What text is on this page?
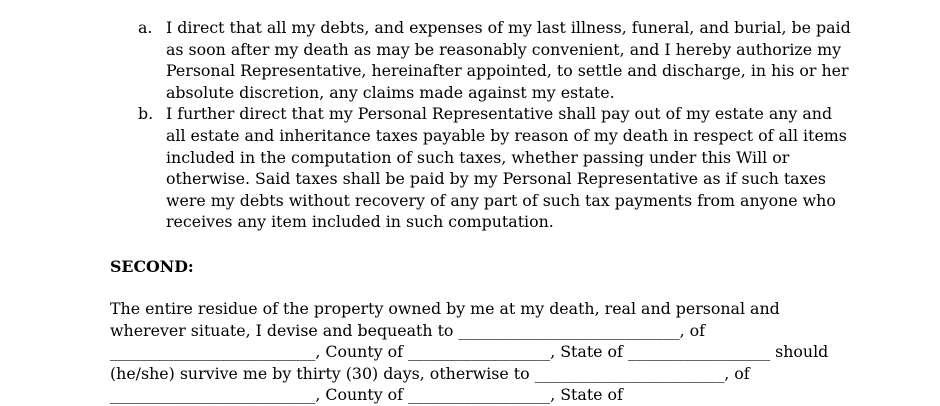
a. I direct that all my debts, and expenses of my last illness, funeral, and burial, be paid
as soon after my death as may be reasonably convenient, and I hereby authorize my
Personal Representative, hereinafter appointed, to settle and discharge, in his or her
absolute discretion, any claims made against my estate.
b. I further direct that my Personal Representative shall pay out of my estate any and
all estate and inheritance taxes payable by reason of my death in respect of all items
included in the computation of such taxes, whether passing under this Will or
otherwise. Said taxes shall be paid by my Personal Representative as if such taxes
were my debts without recovery of any part of such tax payments from anyone who
receives any item included in such computation.
SECOND:
The entire residue of the property owned by me at my death, real and personal and
wherever situate, I devise and bequeath to ____________________________, of
__________________________, County of __________________, State of __________________ should
(he/she) survive me by thirty (30) days, otherwise to ________________________, of
__________________________, County of __________________, State of
